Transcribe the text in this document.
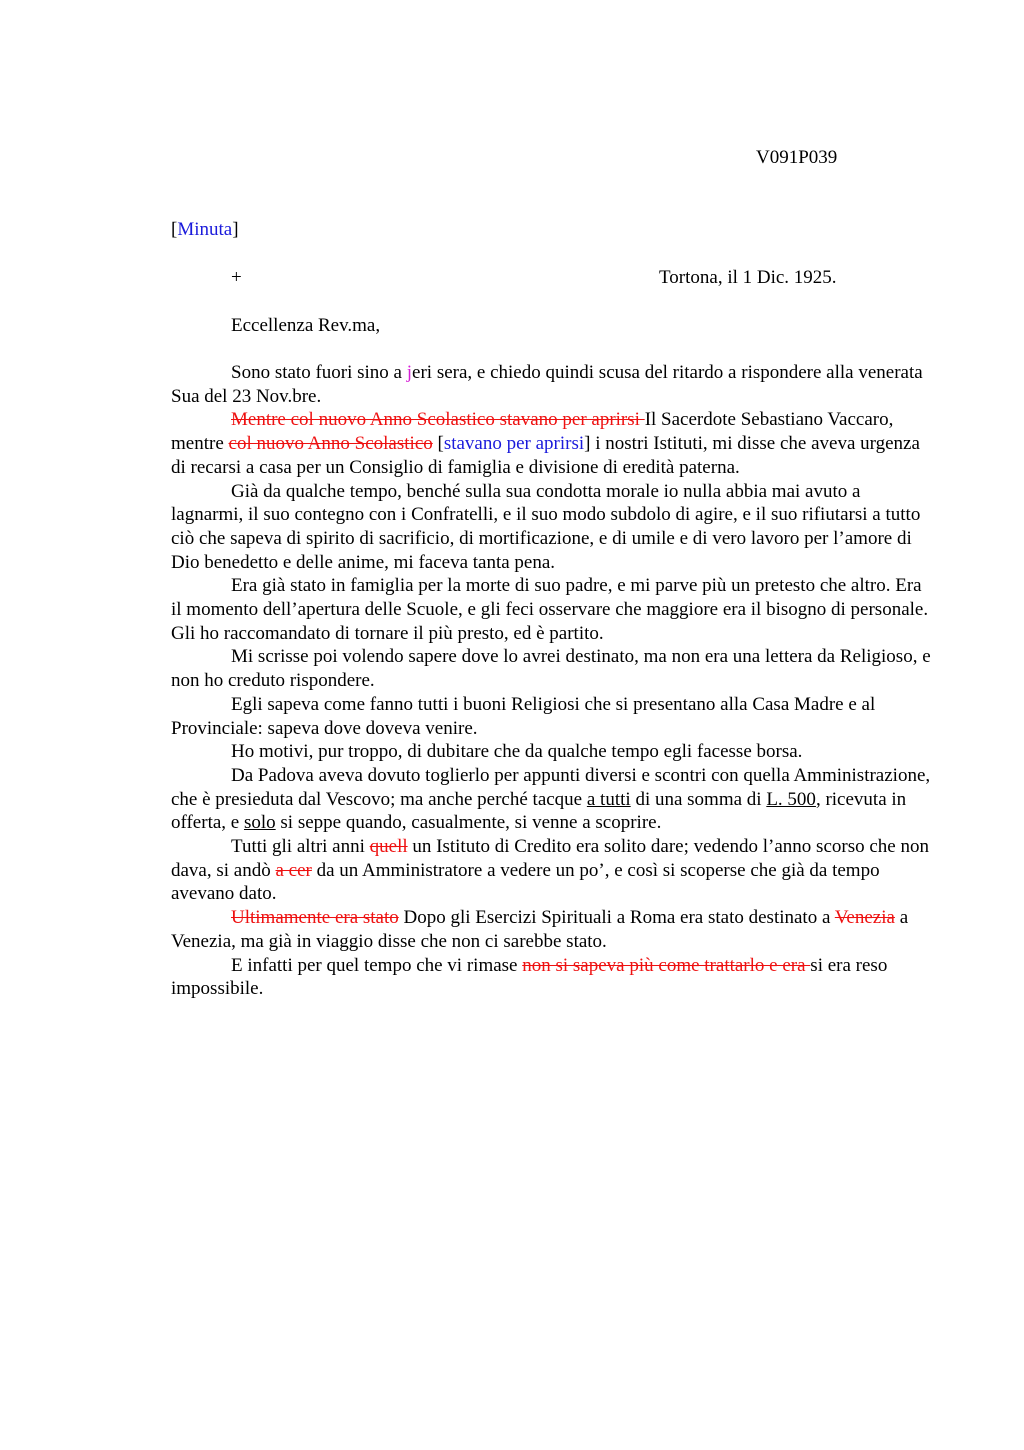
V091P039
[Minuta]
+	Tortona, il 1 Dic. 1925.
Eccellenza Rev.ma,

Sono stato fuori sino a jeri sera, e chiedo quindi scusa del ritardo a rispondere alla venerata Sua del 23 Nov.bre.

Mentre col nuovo Anno Scolastico stavano per aprirsi Il Sacerdote Sebastiano Vaccaro, mentre col nuovo Anno Scolastico [stavano per aprirsi] i nostri Istituti, mi disse che aveva urgenza di recarsi a casa per un Consiglio di famiglia e divisione di eredità paterna.

Già da qualche tempo, benché sulla sua condotta morale io nulla abbia mai avuto a lagnarmi, il suo contegno con i Confratelli, e il suo modo subdolo di agire, e il suo rifiutarsi a tutto ciò che sapeva di spirito di sacrificio, di mortificazione, e di umile e di vero lavoro per l’amore di Dio benedetto e delle anime, mi faceva tanta pena.

Era già stato in famiglia per la morte di suo padre, e mi parve più un pretesto che altro. Era il momento dell’apertura delle Scuole, e gli feci osservare che maggiore era il bisogno di personale. Gli ho raccomandato di tornare il più presto, ed è partito.

Mi scrisse poi volendo sapere dove lo avrei destinato, ma non era una lettera da Religioso, e non ho creduto rispondere.

Egli sapeva come fanno tutti i buoni Religiosi che si presentano alla Casa Madre e al Provinciale: sapeva dove doveva venire.

Ho motivi, pur troppo, di dubitare che da qualche tempo egli facesse borsa.

Da Padova aveva dovuto toglierlo per appunti diversi e scontri con quella Amministrazione, che è presieduta dal Vescovo; ma anche perché tacque a tutti di una somma di L. 500, ricevuta in offerta, e solo si seppe quando, casualmente, si venne a scoprire.

Tutti gli altri anni quell un Istituto di Credito era solito dare; vedendo l’anno scorso che non dava, si andò a cer da un Amministratore a vedere un po’, e così si scoperse che già da tempo avevano dato.

Ultimamente era stato Dopo gli Esercizi Spirituali a Roma era stato destinato a Venezia a Venezia, ma già in viaggio disse che non ci sarebbe stato.

E infatti per quel tempo che vi rimase non si sapeva più come trattarlo e era si era reso impossibile.
